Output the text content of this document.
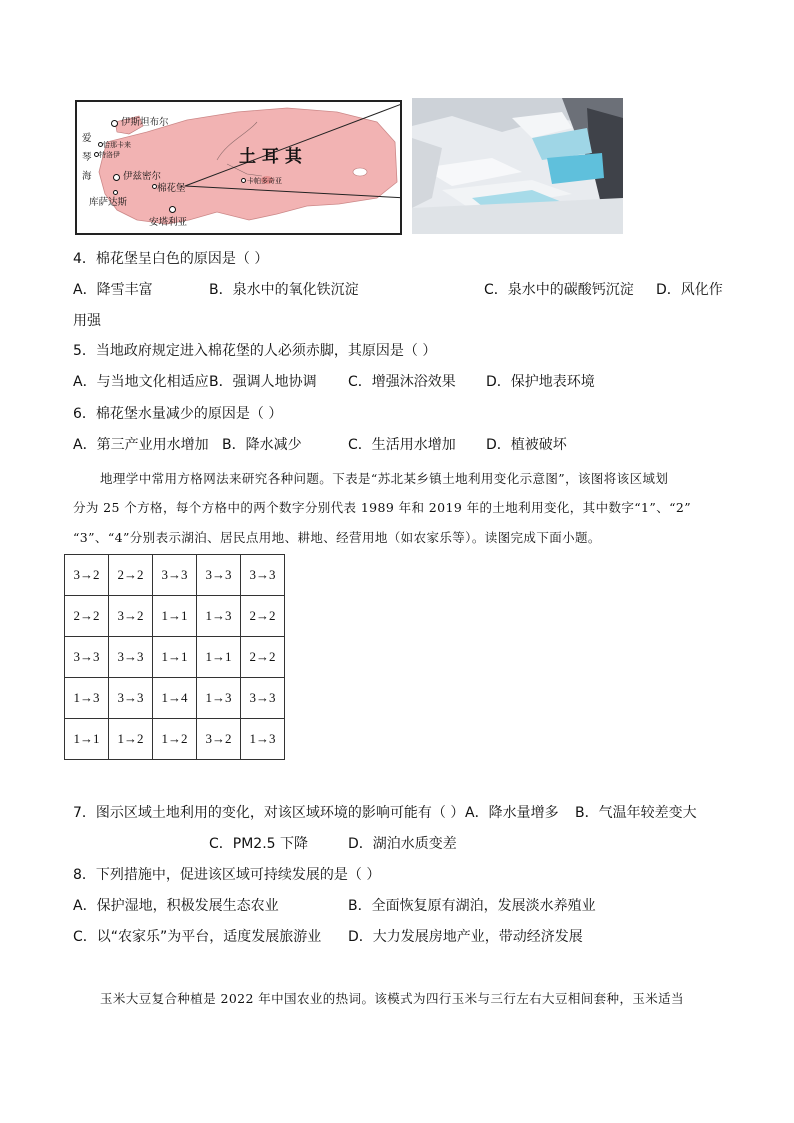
伊斯坦布尔
恰那卡来
特洛伊
爱
琴
海	伊兹密尔
库萨达斯
棉花堡
安塔利亚
卡帕多奇亚
土 耳 其
4．棉花堡呈白色的原因是（ ）
A．降雪丰富	B．泉水中的氧化铁沉淀	C．泉水中的碳酸钙沉淀 D．风化作
用强
5．当地政府规定进入棉花堡的人必须赤脚，其原因是（ ）
A．与当地文化相适应 B．强调人地协调 C．增强沐浴效果 D．保护地表环境
6．棉花堡水量减少的原因是（ ）
A．第三产业用水增加 B．降水减少	C．生活用水增加 D．植被破坏
地理学中常用方格网法来研究各种问题。下表是“苏北某乡镇土地利用变化示意图”，该图将该区域划
分为 25 个方格，每个方格中的两个数字分别代表 1989 年和 2019 年的土地利用变化，其中数字“1”、“2”
“3”、“4”分别表示湖泊、居民点用地、耕地、经营用地（如农家乐等）。读图完成下面小题。
3→2	2→2	3→3	3→3	3→3
2→2	3→2	1→1	1→3	2→2
3→3	3→3	1→1	1→1	2→2
1→3	3→3	1→4	1→3	3→3
1→1	1→2	1→2	3→2	1→3
7．图示区域土地利用的变化，对该区域环境的影响可能有（ ） A．降水量增多 B．气温年较差变大
C．PM2.5 下降	D．湖泊水质变差
8．下列措施中，促进该区域可持续发展的是（ ）
A．保护湿地，积极发展生态农业	B．全面恢复原有湖泊，发展淡水养殖业
C．以“农家乐”为平台，适度发展旅游业 D．大力发展房地产业，带动经济发展
玉米大豆复合种植是 2022 年中国农业的热词。该模式为四行玉米与三行左右大豆相间套种，玉米适当
